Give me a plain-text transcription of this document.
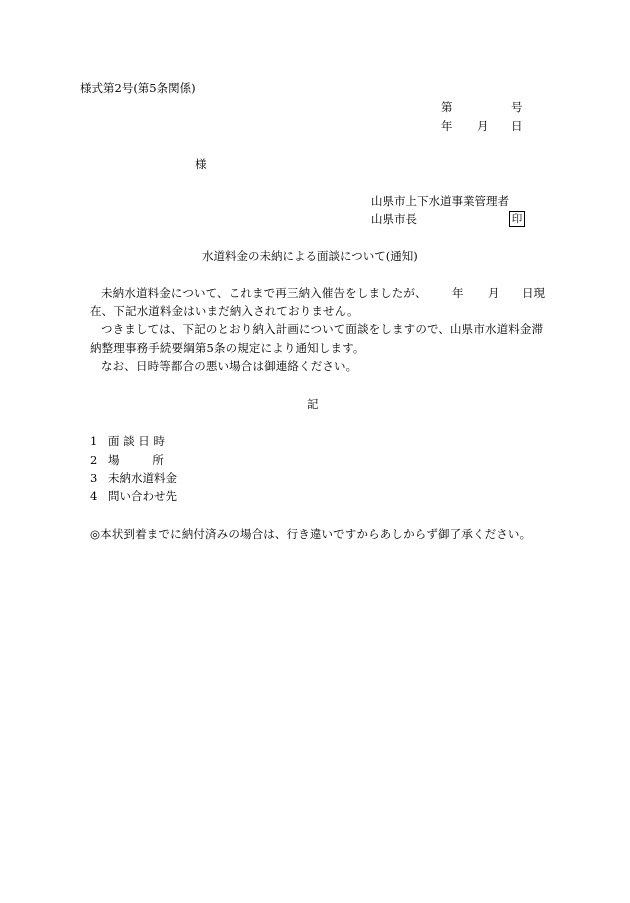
様式第2号(第5条関係)
第	号
年 月 日
様
山県市上下水道事業管理者
山県市長	印
水道料金の未納による面談について(通知)
未納水道料金について、これまで再三納入催告をしましたが、 年 月 日現
在、下記水道料金はいまだ納入されておりません。
つきましては、下記のとおり納入計画について面談をしますので、山県市水道料金滞
納整理事務手続要綱第5条の規定により通知します。
なお、日時等都合の悪い場合は御連絡ください。
記
1 面 談 日 時
2 場         所
3 未納水道料金
4 問い合わせ先
◎本状到着までに納付済みの場合は、行き違いですからあしからず御了承ください。
